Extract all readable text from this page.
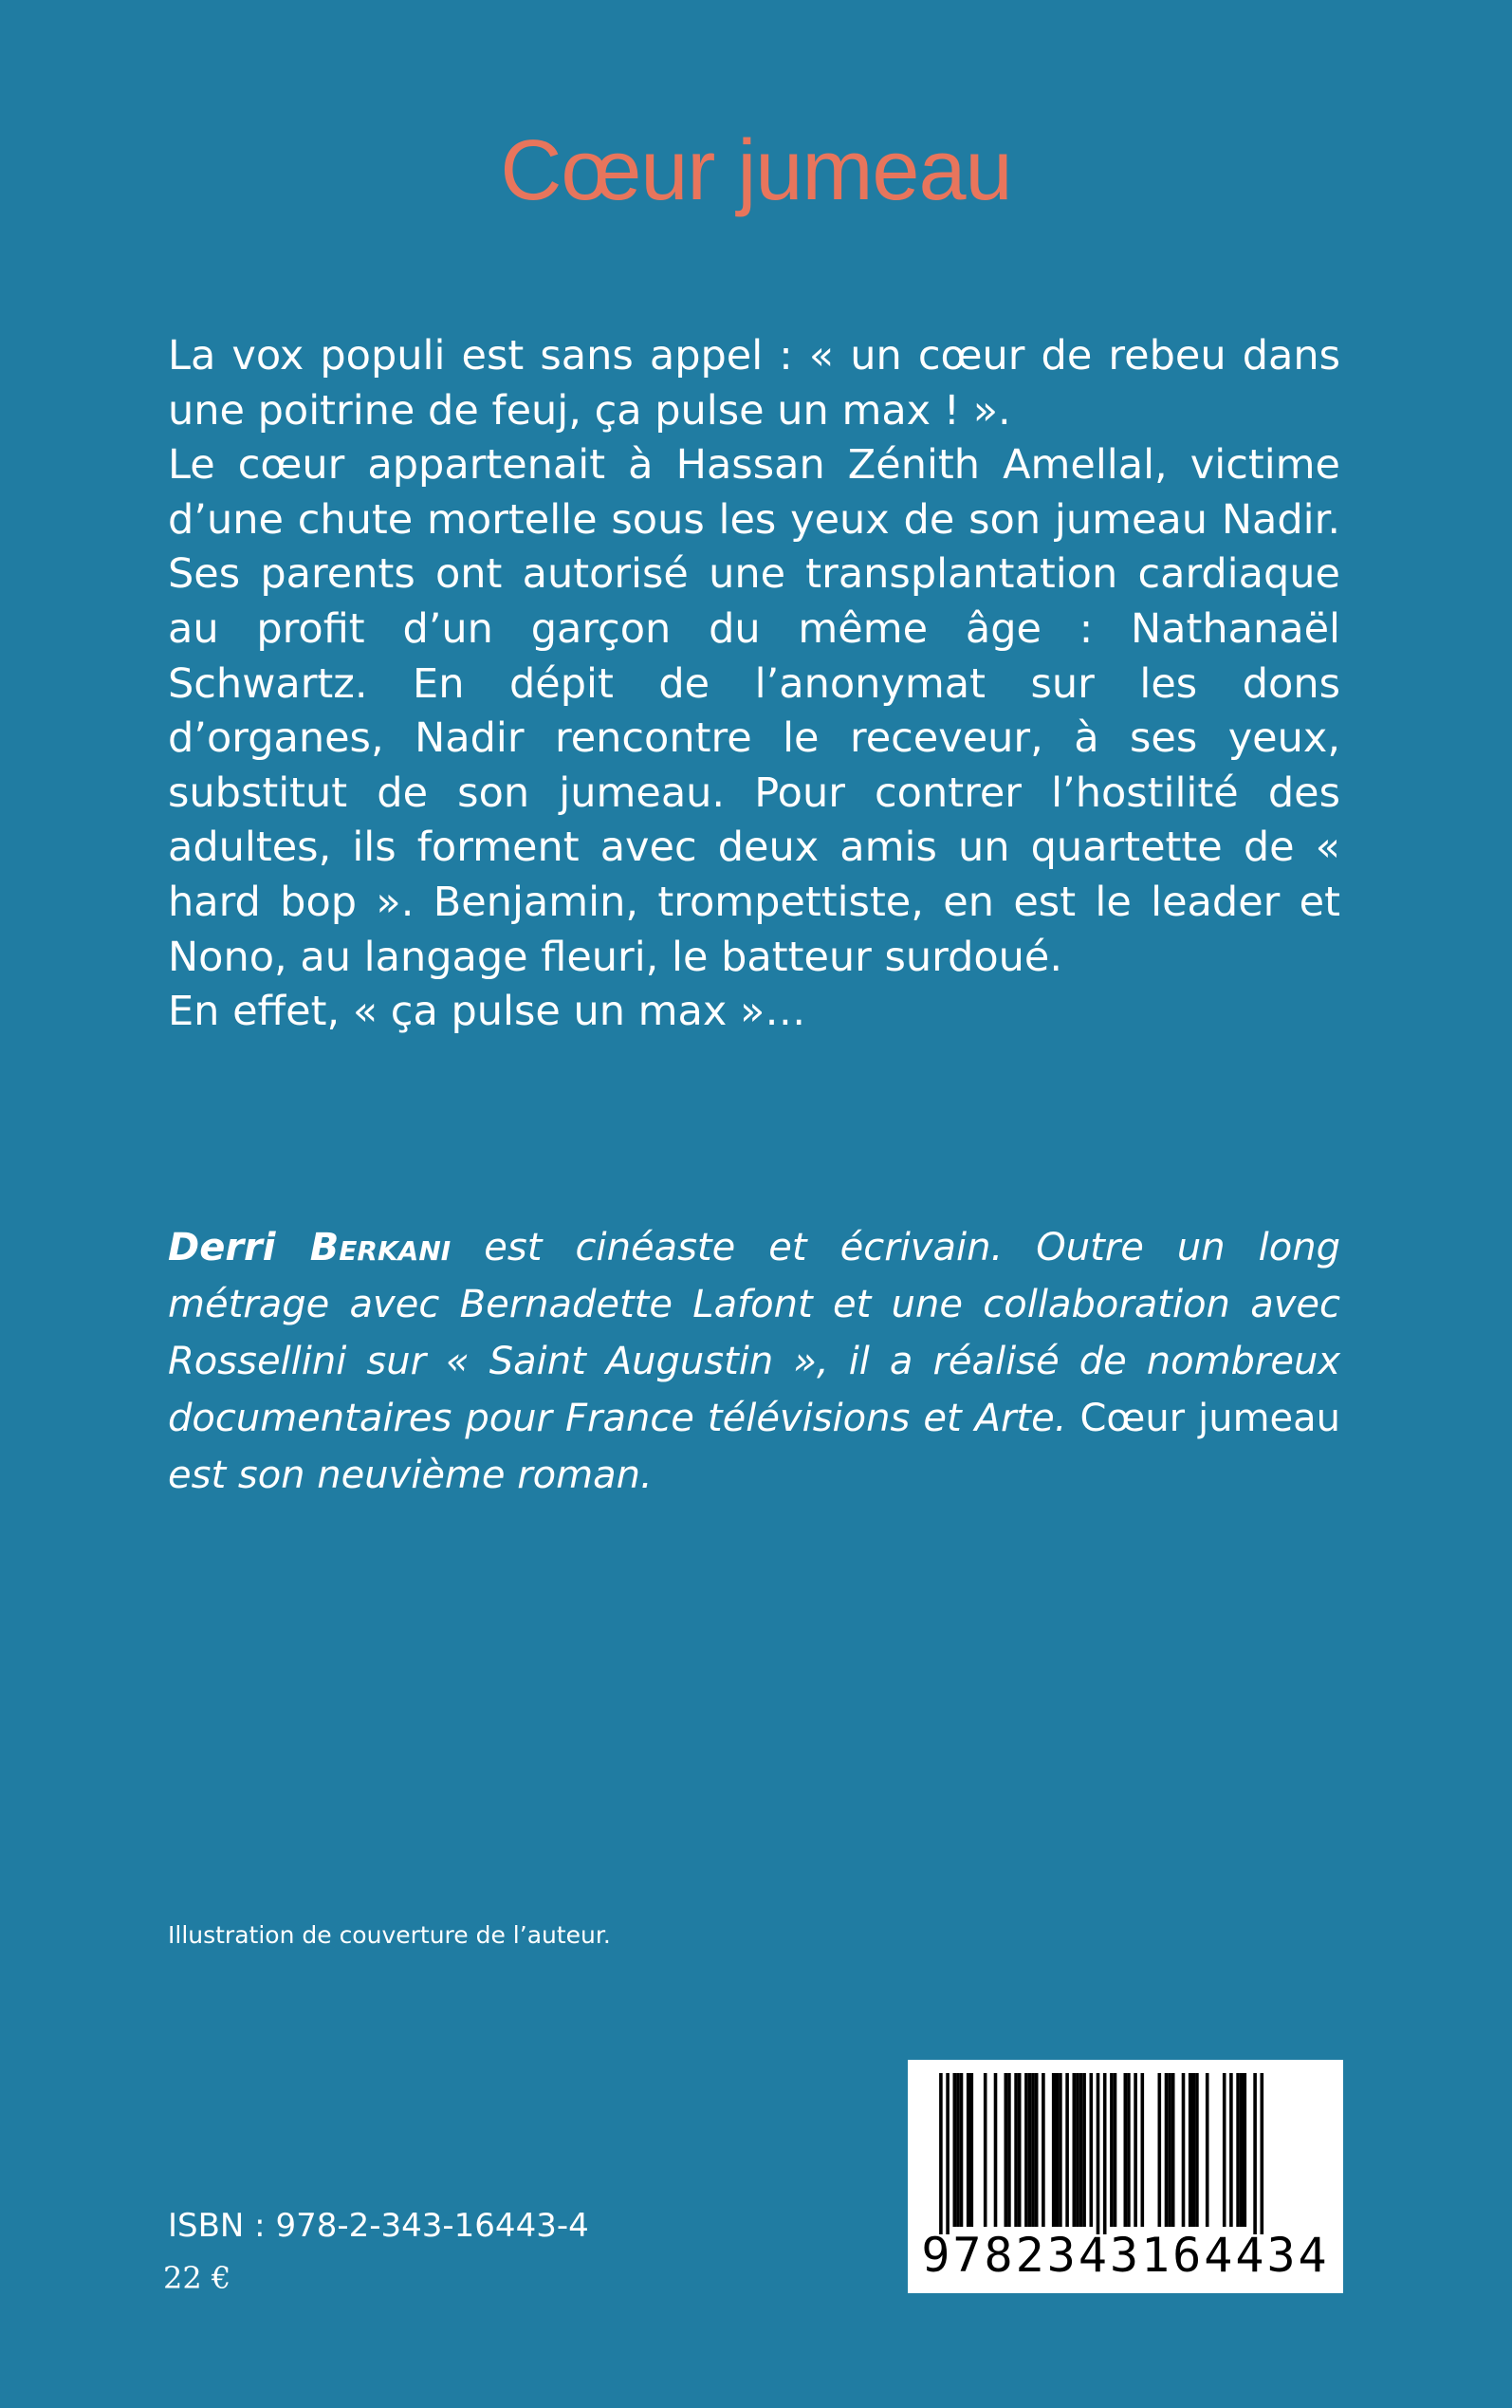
Cœur jumeau

La vox populi est sans appel : « un cœur de rebeu dans une poitrine de feuj, ça pulse un max ! ».

Le cœur appartenait à Hassan Zénith Amellal, victime d’une chute mortelle sous les yeux de son jumeau Nadir. Ses parents ont autorisé une transplantation cardiaque au profit d’un garçon du même âge : Nathanaël Schwartz. En dépit de l’anonymat sur les dons d’organes, Nadir rencontre le receveur, à ses yeux, substitut de son jumeau. Pour contrer l’hostilité des adultes, ils forment avec deux amis un quartette de « hard bop ». Benjamin, trompettiste, en est le leader et Nono, au langage fleuri, le batteur surdoué.

En effet, « ça pulse un max »…

Derri Berkani est cinéaste et écrivain. Outre un long métrage avec Bernadette Lafont et une collaboration avec Rossellini sur « Saint Augustin », il a réalisé de nombreux documentaires pour France télévisions et Arte. Cœur jumeau est son neuvième roman.
Illustration de couverture de l’auteur.
ISBN : 978-2-343-16443-4
22 €	9782343164434
